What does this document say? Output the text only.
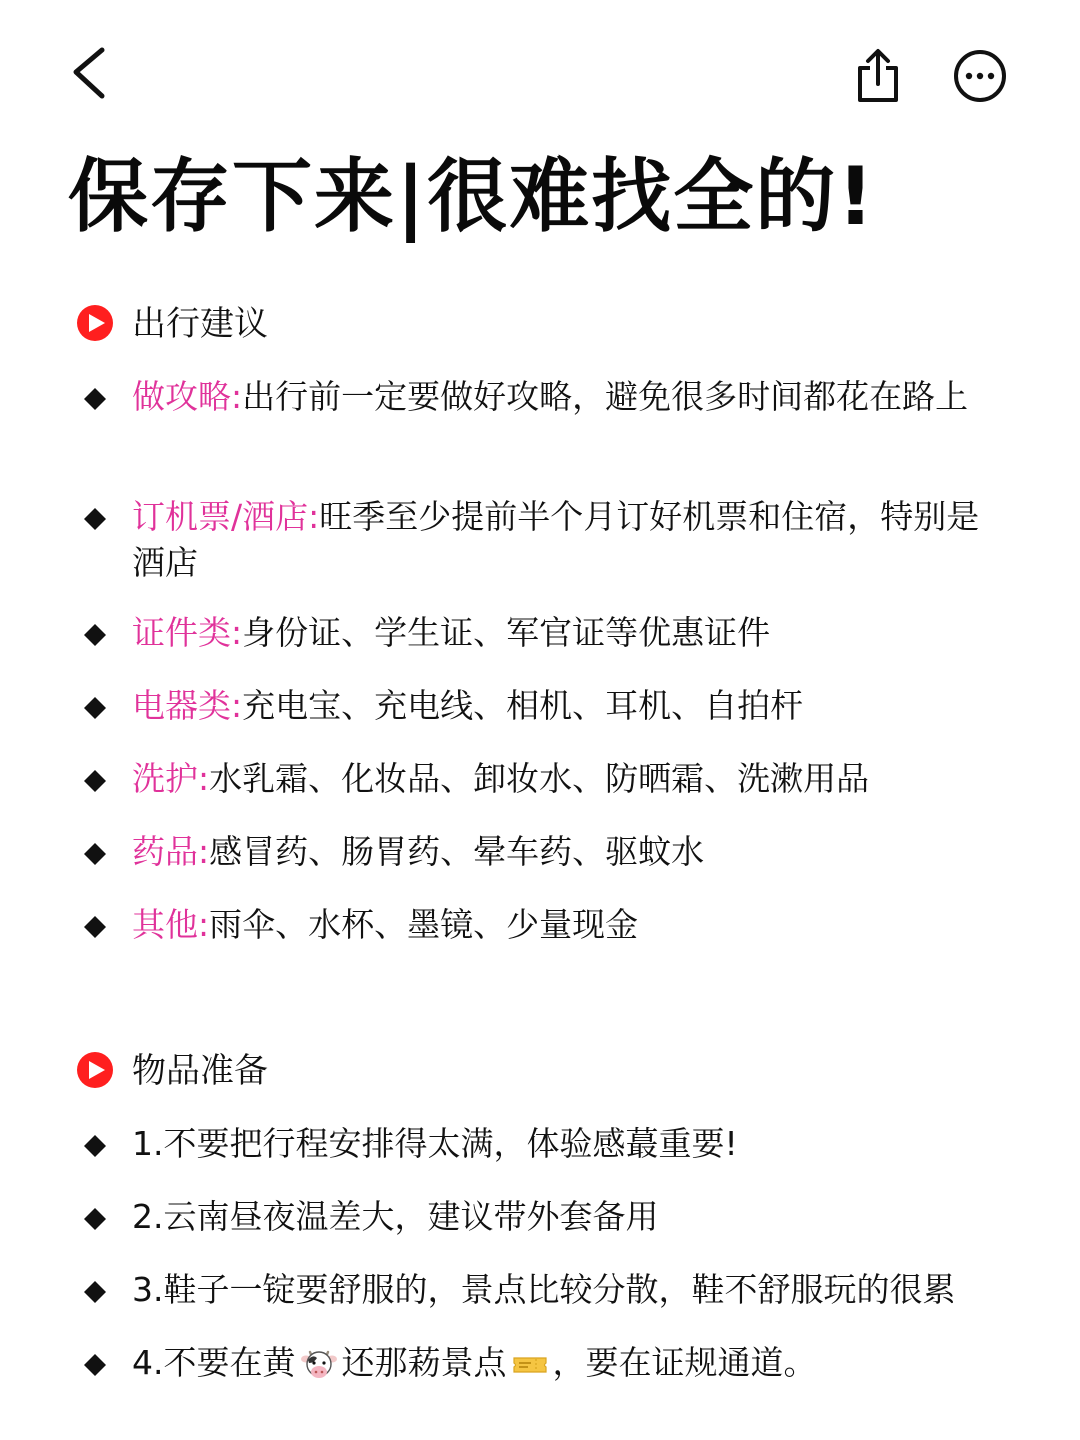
保存下来|很难找全的!
出行建议
做攻略:出行前一定要做好攻略，避免很多时间都花在路上
订机票/酒店:旺季至少提前半个月订好机票和住宿，特别是酒店
证件类:身份证、学生证、军官证等优惠证件
电器类:充电宝、充电线、相机、耳机、自拍杆
洗护:水乳霜、化妆品、卸妆水、防晒霜、洗漱用品
药品:感冒药、肠胃药、晕车药、驱蚊水
其他:雨伞、水杯、墨镜、少量现金
物品准备
1.不要把行程安排得太满，体验感蕞重要!
2.云南昼夜温差大，建议带外套备用
3.鞋子一锭要舒服的，景点比较分散，鞋不舒服玩的很累
4.不要在黄 还那菞景点 ，要在证规通道。
